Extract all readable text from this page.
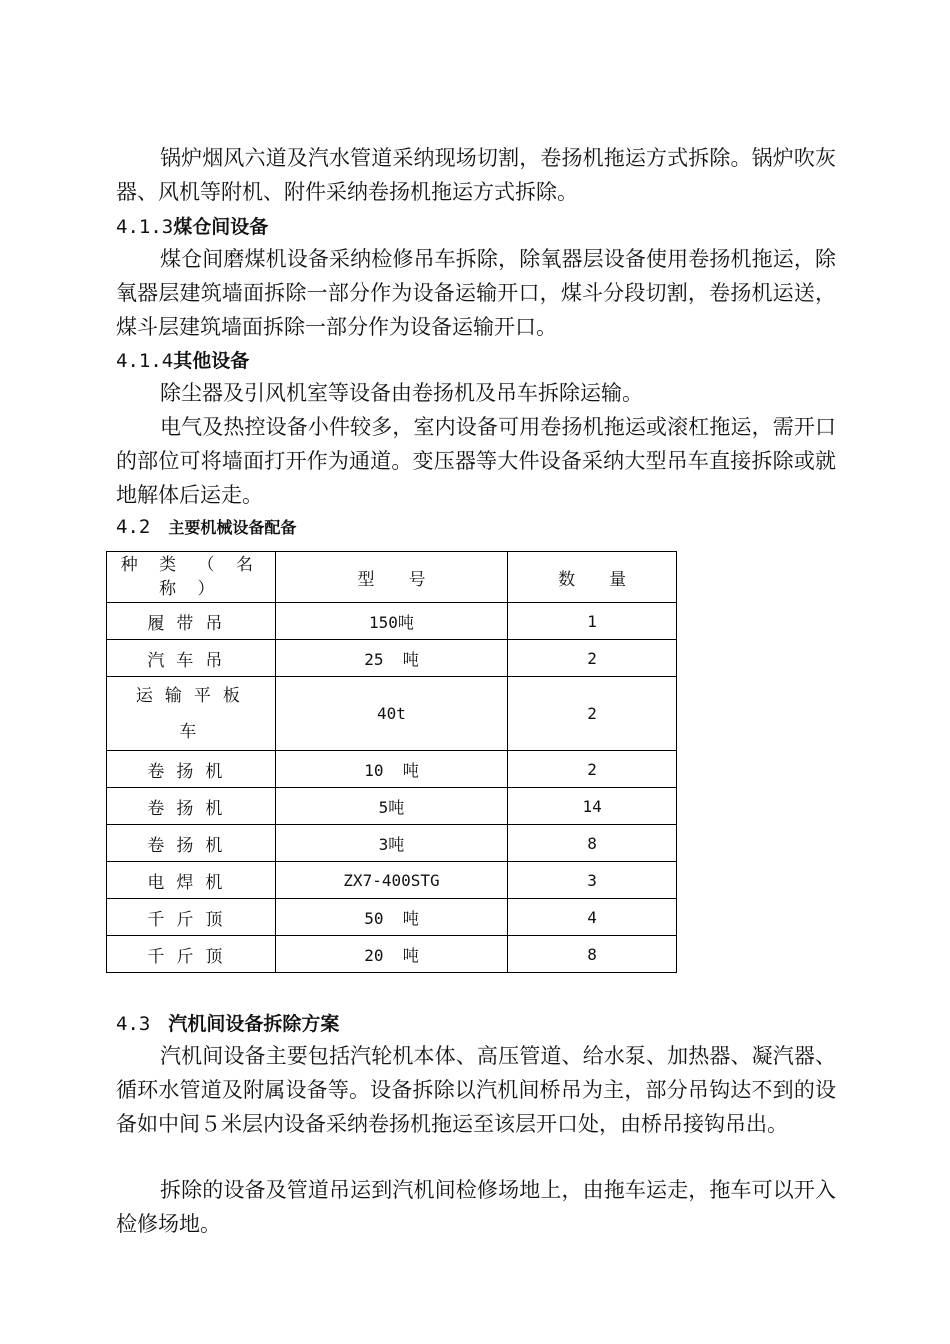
锅炉烟风六道及汽水管道采纳现场切割，卷扬机拖运方式拆除。锅炉吹灰器、风机等附机、附件采纳卷扬机拖运方式拆除。

4.1.3煤仓间设备

煤仓间磨煤机设备采纳检修吊车拆除，除氧器层设备使用卷扬机拖运，除氧器层建筑墙面拆除一部分作为设备运输开口，煤斗分段切割，卷扬机运送，煤斗层建筑墙面拆除一部分作为设备运输开口。

4.1.4其他设备

除尘器及引风机室等设备由卷扬机及吊车拆除运输。

电气及热控设备小件较多，室内设备可用卷扬机拖运或滚杠拖运，需开口的部位可将墙面打开作为通道。变压器等大件设备采纳大型吊车直接拆除或就地解体后运走。

4.2 主要机械设备配备
种 类 （ 名 称 ）	型　　号	数　　量
履带吊	150吨	1
汽车吊	25  吨	2
运输平板车	40t	2
卷扬机	10  吨	2
卷扬机	5吨	14
卷扬机	3吨	8
电焊机	ZX7-400STG	3
千斤顶	50  吨	4
千斤顶	20  吨	8
4.3 汽机间设备拆除方案

汽机间设备主要包括汽轮机本体、高压管道、给水泵、加热器、凝汽器、循环水管道及附属设备等。设备拆除以汽机间桥吊为主，部分吊钩达不到的设备如中间５米层内设备采纳卷扬机拖运至该层开口处，由桥吊接钩吊出。

拆除的设备及管道吊运到汽机间检修场地上，由拖车运走，拖车可以开入检修场地。
